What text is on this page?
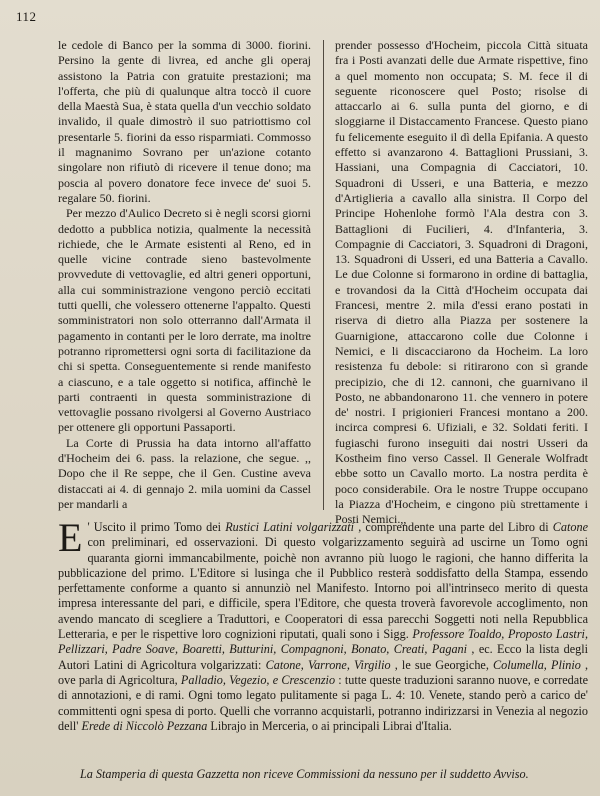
112

le cedole di Banco per la somma di 3000. fiorini. Persino la gente di livrea, ed anche gli operaj assistono la Patria con gratuite prestazioni; ma l'offerta, che più di qualunque altra toccò il cuore della Maestà Sua, è stata quella d'un vecchio soldato invalido, il quale dimostrò il suo patriottismo col presentarle 5. fiorini da esso risparmiati. Commosso il magnanimo Sovrano per un'azione cotanto singolare non rifiutò di ricevere il tenue dono; ma poscia al povero donatore fece invece de' suoi 5. regalare 50. fiorini.

Per mezzo d'Aulico Decreto si è negli scorsi giorni dedotto a pubblica notizia, qualmente la necessità richiede, che le Armate esistenti al Reno, ed in quelle vicine contrade sieno bastevolmente provvedute di vettovaglie, ed altri generi opportuni, alla cui somministrazione vengono perciò eccitati tutti quelli, che volessero ottenerne l'appalto. Questi somministratori non solo otterranno dall'Armata il pagamento in contanti per le loro derrate, ma inoltre potranno ripromettersi ogni sorta di facilitazione da chi si spetta. Conseguentemente si rende manifesto a ciascuno, e a tale oggetto si notifica, affinchè le parti contraenti in questa somministrazione di vettovaglie possano rivolgersi al Governo Austriaco per ottenere gli opportuni Passaporti.

La Corte di Prussia ha data intorno all'affatto d'Hocheim dei 6. pass. la relazione, che segue. ,, Dopo che il Re seppe, che il Gen. Custine aveva distaccati ai 4. di gennajo 2. mila uomini da Cassel per mandarli a

prender possesso d'Hocheim, piccola Città situata fra i Posti avanzati delle due Armate rispettive, fino a quel momento non occupata; S. M. fece il di seguente riconoscere quel Posto; risolse di attaccarlo ai 6. sulla punta del giorno, e di sloggiarne il Distaccamento Francese. Questo piano fu felicemente eseguito il dì della Epifania. A questo effetto si avanzarono 4. Battaglioni Prussiani, 3. Hassiani, una Compagnia di Cacciatori, 10. Squadroni di Usseri, e una Batteria, e mezzo d'Artiglieria a cavallo alla sinistra. Il Corpo del Principe Hohenlohe formò l'Ala destra con 3. Battaglioni di Fucilieri, 4. d'Infanteria, 3. Compagnie di Cacciatori, 3. Squadroni di Dragoni, 13. Squadroni di Usseri, ed una Batteria a Cavallo. Le due Colonne si formarono in ordine di battaglia, e trovandosi da la Città d'Hocheim occupata dai Francesi, mentre 2. mila d'essi erano postati in riserva di dietro alla Piazza per sostenere la Guarnigione, attaccarono colle due Colonne i Nemici, e li discacciarono da Hocheim. La loro resistenza fu debole: si ritirarono con sì grande precipizio, che di 12. cannoni, che guarnivano il Posto, ne abbandonarono 11. che vennero in potere de' nostri. I prigionieri Francesi montano a 200. incirca compresi 6. Ufiziali, e 32. Soldati feriti. I fugiaschi furono inseguiti dai nostri Usseri da Kostheim fino verso Cassel. Il Generale Wolfradt ebbe sotto un Cavallo morto. La nostra perdita è poco considerabile. Ora le nostre Truppe occupano la Piazza d'Hocheim, e cingono più strettamente i Posti Nemici.,,

E ' Uscito il primo Tomo dei Rustici Latini volgarizzati , comprendente una parte del Libro di Catone con preliminari, ed osservazioni. Di questo volgarizzamento seguirà ad uscirne un Tomo ogni quaranta giorni immancabilmente, poichè non avranno più luogo le ragioni, che hanno differita la pubblicazione del primo. L'Editore si lusinga che il Pubblico resterà soddisfatto della Stampa, essendo perfettamente conforme a quanto si annunziò nel Manifesto. Intorno poi all'intrinseco merito di questa impresa interessante del pari, e difficile, spera l'Editore, che questa troverà favorevole accoglimento, non avendo mancato di scegliere a Traduttori, e Cooperatori di essa parecchi Soggetti noti nella Repubblica Letteraria, e per le rispettive loro cognizioni riputati, quali sono i Sigg. Professore Toaldo, Proposto Lastri, Pellizzari, Padre Soave, Boaretti, Butturini, Compagnoni, Bonato, Creati, Pagani , ec. Ecco la lista degli Autori Latini di Agricoltura volgarizzati: Catone, Varrone, Virgilio , le sue Georgiche, Columella, Plinio , ove parla di Agricoltura, Palladio, Vegezio, e Crescenzio : tutte queste traduzioni saranno nuove, e corredate di annotazioni, e di rami. Ogni tomo legato pulitamente si paga L. 4: 10. Venete, stando però a carico de' committenti ogni spesa di porto. Quelli che vorranno acquistarli, potranno indirizzarsi in Venezia al negozio dell' Erede di Niccolò Pezzana Librajo in Merceria, o ai principali Librai d'Italia.
La Stamperia di questa Gazzetta non riceve Commissioni da nessuno per il suddetto Avviso.
